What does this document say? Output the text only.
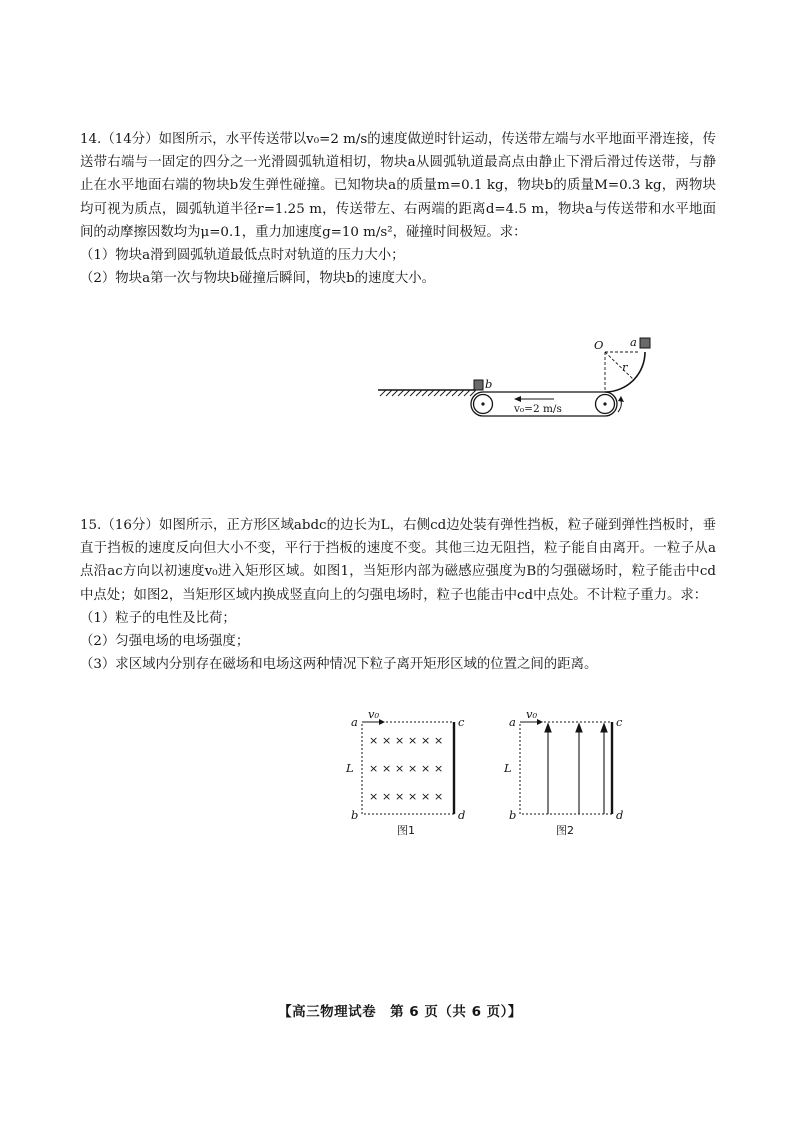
14.（14分）如图所示，水平传送带以v₀=2 m/s的速度做逆时针运动，传送带左端与水平地面平滑连接，传送带右端与一固定的四分之一光滑圆弧轨道相切，物块a从圆弧轨道最高点由静止下滑后滑过传送带，与静止在水平地面右端的物块b发生弹性碰撞。已知物块a的质量m=0.1 kg，物块b的质量M=0.3 kg，两物块均可视为质点，圆弧轨道半径r=1.25 m，传送带左、右两端的距离d=4.5 m，物块a与传送带和水平地面间的动摩擦因数均为μ=0.1，重力加速度g=10 m/s²，碰撞时间极短。求：

（1）物块a滑到圆弧轨道最低点时对轨道的压力大小；

（2）物块a第一次与物块b碰撞后瞬间，物块b的速度大小。

v₀=2 m/s
b
O a
r

15.（16分）如图所示，正方形区域abdc的边长为L，右侧cd边处装有弹性挡板，粒子碰到弹性挡板时，垂直于挡板的速度反向但大小不变，平行于挡板的速度不变。其他三边无阻挡，粒子能自由离开。一粒子从a点沿ac方向以初速度v₀进入矩形区域。如图1，当矩形内部为磁感应强度为B的匀强磁场时，粒子能击中cd中点处；如图2，当矩形区域内换成竖直向上的匀强电场时，粒子也能击中cd中点处。不计粒子重力。求：

（1）粒子的电性及比荷；

（2）匀强电场的电场强度；

（3）求区域内分别存在磁场和电场这两种情况下粒子离开矩形区域的位置之间的距离。

v₀
a	c
b	d
L
× × × × × ×
× × × × × ×
× × × × × ×
图1
v₀
a	c
b	d
L
图2
【高三物理试卷　第 6 页（共 6 页）】
